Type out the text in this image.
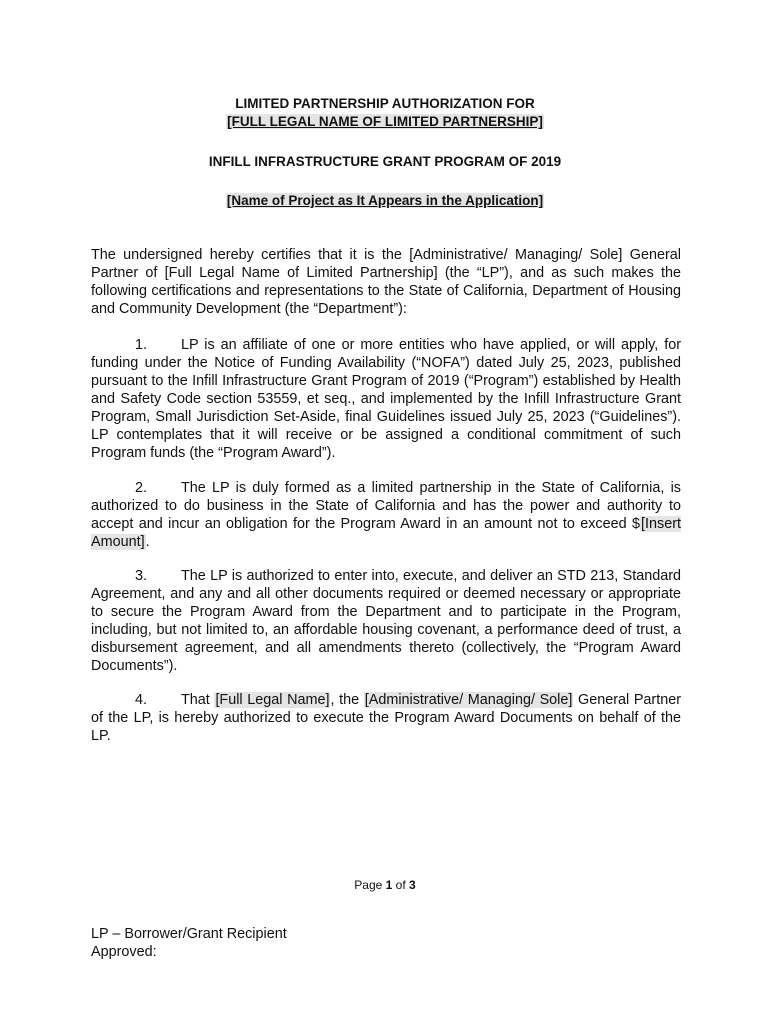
LIMITED PARTNERSHIP AUTHORIZATION FOR
[FULL LEGAL NAME OF LIMITED PARTNERSHIP]
INFILL INFRASTRUCTURE GRANT PROGRAM OF 2019
[Name of Project as It Appears in the Application]
The undersigned hereby certifies that it is the [Administrative/ Managing/ Sole] General Partner of [Full Legal Name of Limited Partnership] (the “LP”), and as such makes the following certifications and representations to the State of California, Department of Housing and Community Development (the “Department”):
1. LP is an affiliate of one or more entities who have applied, or will apply, for funding under the Notice of Funding Availability (“NOFA”) dated July 25, 2023, published pursuant to the Infill Infrastructure Grant Program of 2019 (“Program”) established by Health and Safety Code section 53559, et seq., and implemented by the Infill Infrastructure Grant Program, Small Jurisdiction Set-Aside, final Guidelines issued July 25, 2023 (“Guidelines”). LP contemplates that it will receive or be assigned a conditional commitment of such Program funds (the “Program Award”).
2. The LP is duly formed as a limited partnership in the State of California, is authorized to do business in the State of California and has the power and authority to accept and incur an obligation for the Program Award in an amount not to exceed $[Insert Amount].
3. The LP is authorized to enter into, execute, and deliver an STD 213, Standard Agreement, and any and all other documents required or deemed necessary or appropriate to secure the Program Award from the Department and to participate in the Program, including, but not limited to, an affordable housing covenant, a performance deed of trust, a disbursement agreement, and all amendments thereto (collectively, the “Program Award Documents”).
4. That [Full Legal Name], the [Administrative/ Managing/ Sole] General Partner of the LP, is hereby authorized to execute the Program Award Documents on behalf of the LP.
Page 1 of 3
LP – Borrower/Grant Recipient
Approved:
